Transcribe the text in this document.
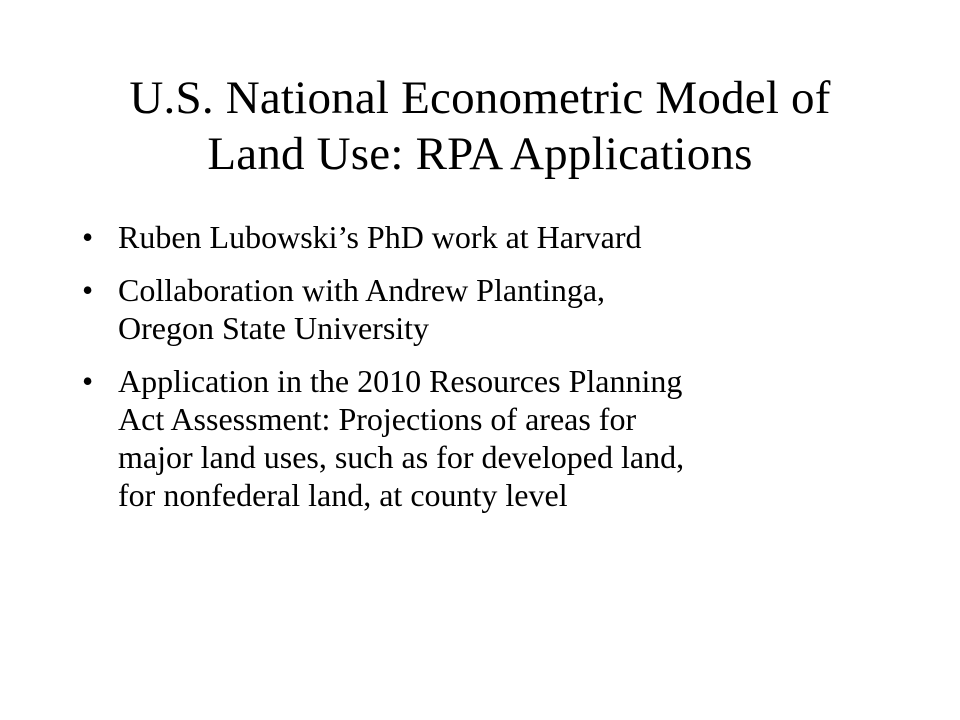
U.S. National Econometric Model of
Land Use: RPA Applications
• Ruben Lubowski’s PhD work at Harvard
• Collaboration with Andrew Plantinga,
Oregon State University
• Application in the 2010 Resources Planning
Act Assessment: Projections of areas for
major land uses, such as for developed land,
for nonfederal land, at county level
